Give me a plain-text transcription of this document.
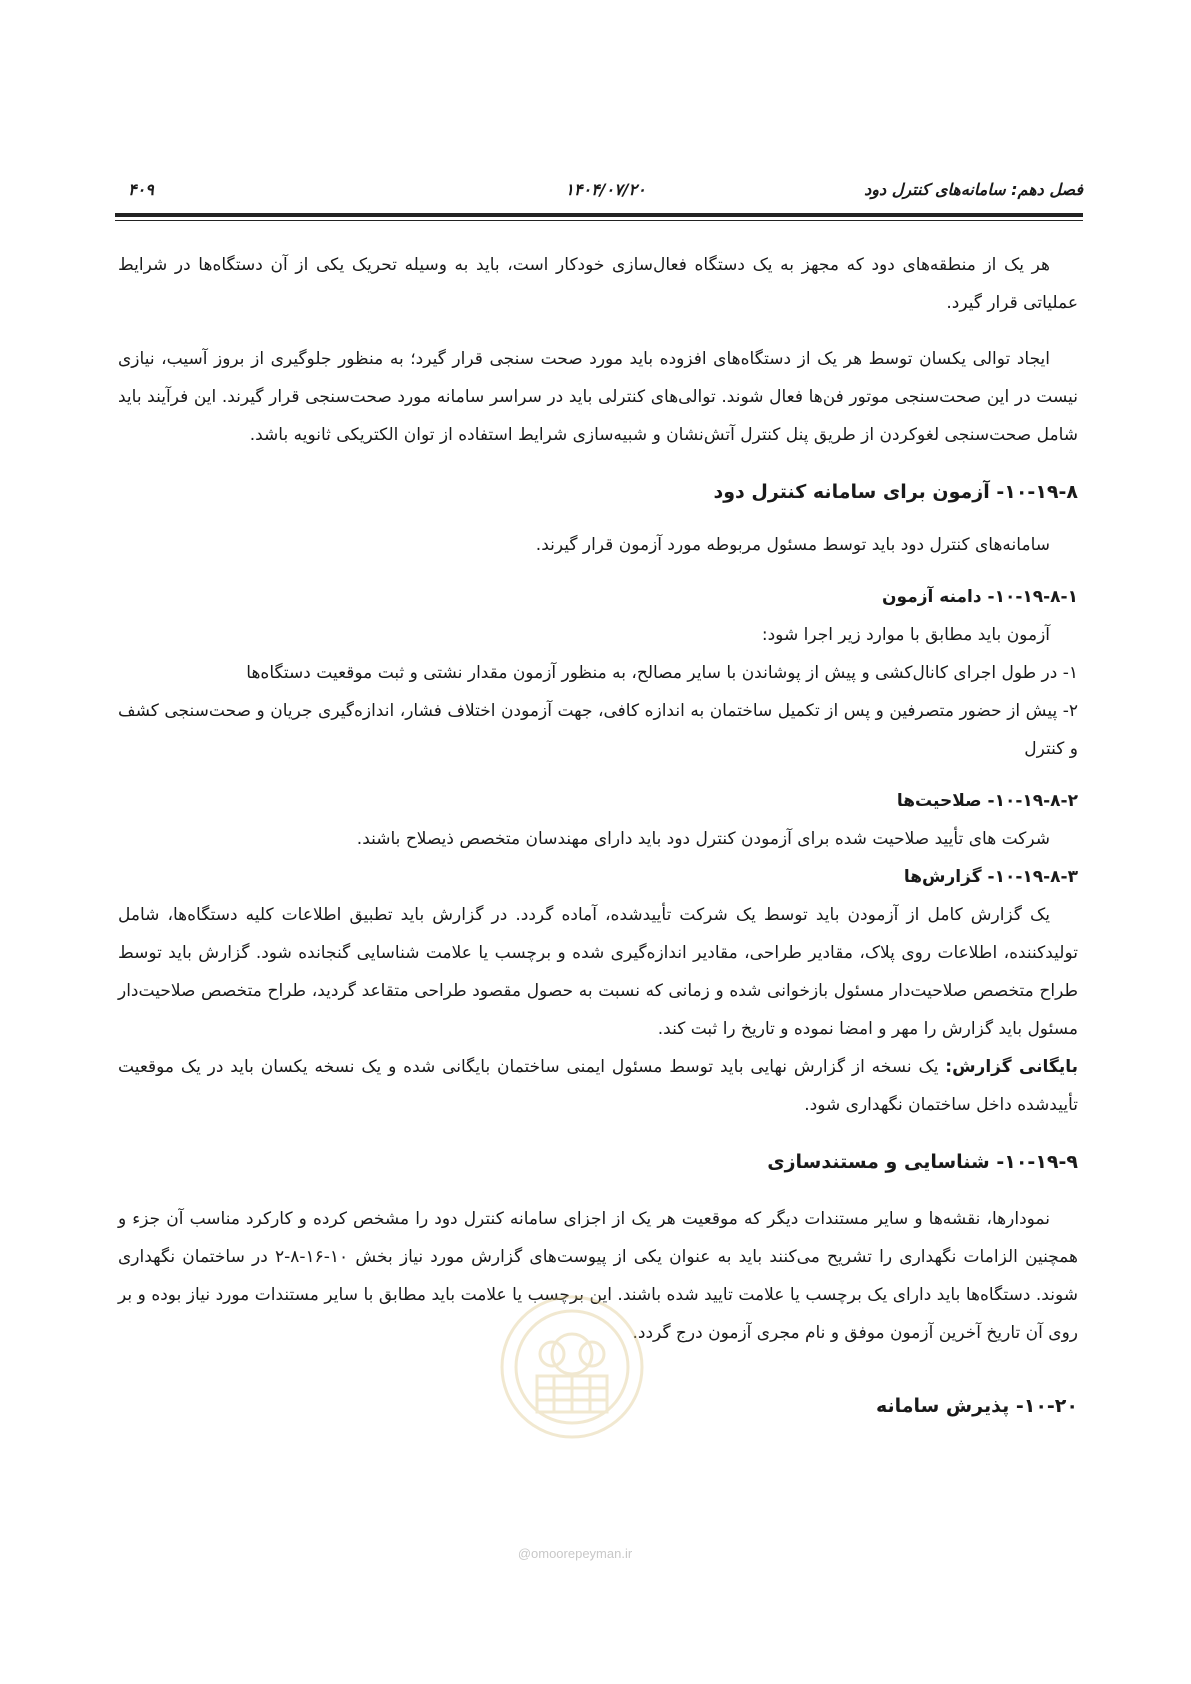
فصل دهم: سامانه‌های کنترل دود
۱۴۰۴/۰۷/۲۰
۴۰۹

هر یک از منطقه‌های دود که مجهز به یک دستگاه فعال‌سازی خودکار است، باید به وسیله تحریک یکی از آن دستگاه‌ها در شرایط عملیاتی قرار گیرد.

ایجاد توالی یکسان توسط هر یک از دستگاه‌های افزوده باید مورد صحت سنجی قرار گیرد؛ به منظور جلوگیری از بروز آسیب، نیازی نیست در این صحت‌سنجی موتور فن‌ها فعال شوند. توالی‌های کنترلی باید در سراسر سامانه مورد صحت‌سنجی قرار گیرند. این فرآیند باید شامل صحت‌سنجی لغوکردن از طریق پنل کنترل آتش‌نشان و شبیه‌سازی شرایط استفاده از توان الکتریکی ثانویه باشد.

۱۰-۱۹-۸- آزمون برای سامانه کنترل دود

سامانه‌های کنترل دود باید توسط مسئول مربوطه مورد آزمون قرار گیرند.

۱۰-۱۹-۸-۱- دامنه آزمون

آزمون باید مطابق با موارد زیر اجرا شود:

۱- در طول اجرای کانال‌کشی و پیش از پوشاندن با سایر مصالح، به منظور آزمون مقدار نشتی و ثبت موقعیت دستگاه‌ها

۲- پیش از حضور متصرفین و پس از تکمیل ساختمان به اندازه کافی، جهت آزمودن اختلاف فشار، اندازه‌گیری جریان و صحت‌سنجی کشف و کنترل

۱۰-۱۹-۸-۲- صلاحیت‌ها

شرکت های تأیید صلاحیت شده برای آزمودن کنترل دود باید دارای مهندسان متخصص ذیصلاح باشند.

۱۰-۱۹-۸-۳- گزارش‌ها

یک گزارش کامل از آزمودن باید توسط یک شرکت تأییدشده، آماده گردد. در گزارش باید تطبیق اطلاعات کلیه دستگاه‌ها، شامل تولیدکننده، اطلاعات روی پلاک، مقادیر طراحی، مقادیر اندازه‌گیری شده و برچسب یا علامت شناسایی گنجانده شود. گزارش باید توسط طراح متخصص صلاحیت‌دار مسئول بازخوانی شده و زمانی که نسبت به حصول مقصود طراحی متقاعد گردید، طراح متخصص صلاحیت‌دار مسئول باید گزارش را مهر و امضا نموده و تاریخ را ثبت کند.

بایگانی گزارش: یک نسخه از گزارش نهایی باید توسط مسئول ایمنی ساختمان بایگانی شده و یک نسخه یکسان باید در یک موقعیت تأییدشده داخل ساختمان نگهداری شود.

۱۰-۱۹-۹- شناسایی و مستندسازی

نمودارها، نقشه‌ها و سایر مستندات دیگر که موقعیت هر یک از اجزای سامانه کنترل دود را مشخص کرده و کارکرد مناسب آن جزء و همچنین الزامات نگهداری را تشریح می‌کنند باید به عنوان یکی از پیوست‌های گزارش مورد نیاز بخش ۱۰-۱۶-۸-۲ در ساختمان نگهداری شوند. دستگاه‌ها باید دارای یک برچسب یا علامت تایید شده باشند. این برچسب یا علامت باید مطابق با سایر مستندات مورد نیاز بوده و بر روی آن تاریخ آخرین آزمون موفق و نام مجری آزمون درج گردد.

۱۰-۲۰- پذیرش سامانه
@omoorepeyman.ir
